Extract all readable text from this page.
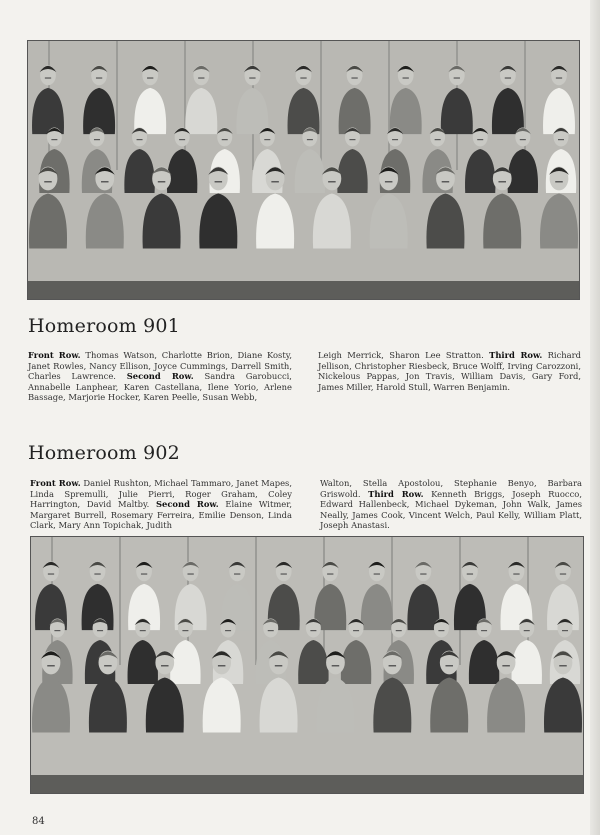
Homeroom 901
Front Row. Thomas Watson, Charlotte Brion, Diane Kosty, Janet Rowles, Nancy Ellison, Joyce Cummings, Darrell Smith, Charles Lawrence. Second Row. Sandra Garobucci, Annabelle Lanphear, Karen Castellana, Ilene Yorio, Arlene Bassage, Marjorie Hocker, Karen Peelle, Susan Webb,
Leigh Merrick, Sharon Lee Stratton. Third Row. Richard Jellison, Christopher Riesbeck, Bruce Wolff, Irving Carozzoni, Nickelous Pappas, Jon Travis, William Davis, Gary Ford, James Miller, Harold Stull, Warren Benjamin.
Homeroom 902
Front Row. Daniel Rushton, Michael Tammaro, Janet Mapes, Linda Spremulli, Julie Pierri, Roger Graham, Coley Harrington, David Maltby. Second Row. Elaine Witmer, Margaret Burrell, Rosemary Ferreira, Emilie Denson, Linda Clark, Mary Ann Topichak, Judith
Walton, Stella Apostolou, Stephanie Benyo, Barbara Griswold. Third Row. Kenneth Briggs, Joseph Ruocco, Edward Hallenbeck, Michael Dykeman, John Walk, James Neally, James Cook, Vincent Welch, Paul Kelly, William Platt, Joseph Anastasi.
84
